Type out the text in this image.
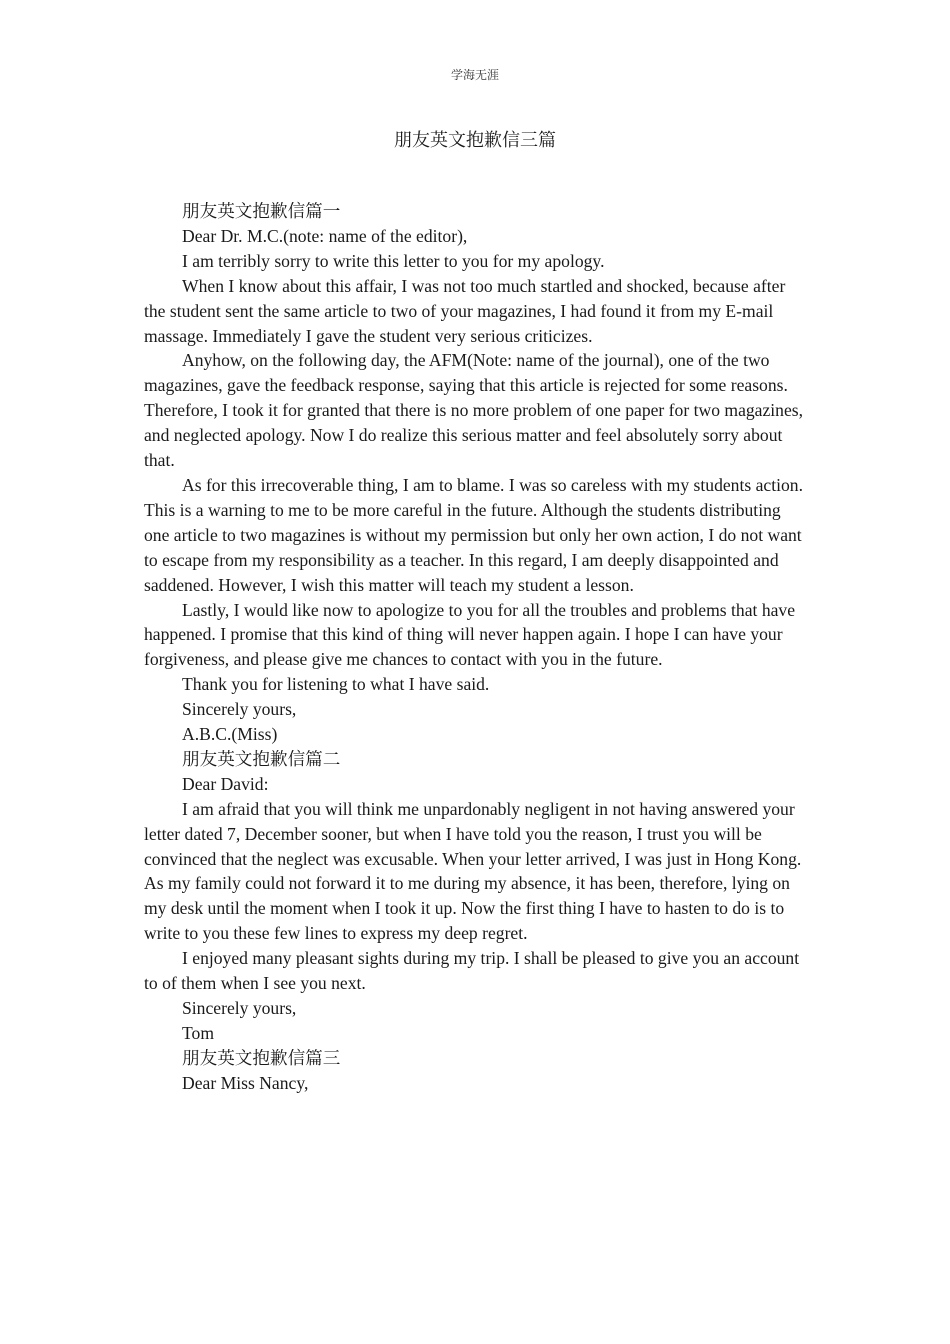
学海无涯
朋友英文抱歉信三篇

朋友英文抱歉信篇一

Dear Dr. M.C.(note: name of the editor),

I am terribly sorry to write this letter to you for my apology.

When I know about this affair, I was not too much startled and shocked, because after the student sent the same article to two of your magazines, I had found it from my E-mail massage. Immediately I gave the student very serious criticizes.

Anyhow, on the following day, the AFM(Note: name of the journal), one of the two magazines, gave the feedback response, saying that this article is rejected for some reasons. Therefore, I took it for granted that there is no more problem of one paper for two magazines, and neglected apology. Now I do realize this serious matter and feel absolutely sorry about that.

As for this irrecoverable thing, I am to blame. I was so careless with my students action. This is a warning to me to be more careful in the future. Although the students distributing one article to two magazines is without my permission but only her own action, I do not want to escape from my responsibility as a teacher. In this regard, I am deeply disappointed and saddened. However, I wish this matter will teach my student a lesson.

Lastly, I would like now to apologize to you for all the troubles and problems that have happened. I promise that this kind of thing will never happen again. I hope I can have your forgiveness, and please give me chances to contact with you in the future.

Thank you for listening to what I have said.

Sincerely yours,

A.B.C.(Miss)

朋友英文抱歉信篇二

Dear David:

I am afraid that you will think me unpardonably negligent in not having answered your letter dated 7, December sooner, but when I have told you the reason, I trust you will be convinced that the neglect was excusable. When your letter arrived, I was just in Hong Kong. As my family could not forward it to me during my absence, it has been, therefore, lying on my desk until the moment when I took it up. Now the first thing I have to hasten to do is to write to you these few lines to express my deep regret.

I enjoyed many pleasant sights during my trip. I shall be pleased to give you an account to of them when I see you next.

Sincerely yours,

Tom

朋友英文抱歉信篇三

Dear Miss Nancy,
